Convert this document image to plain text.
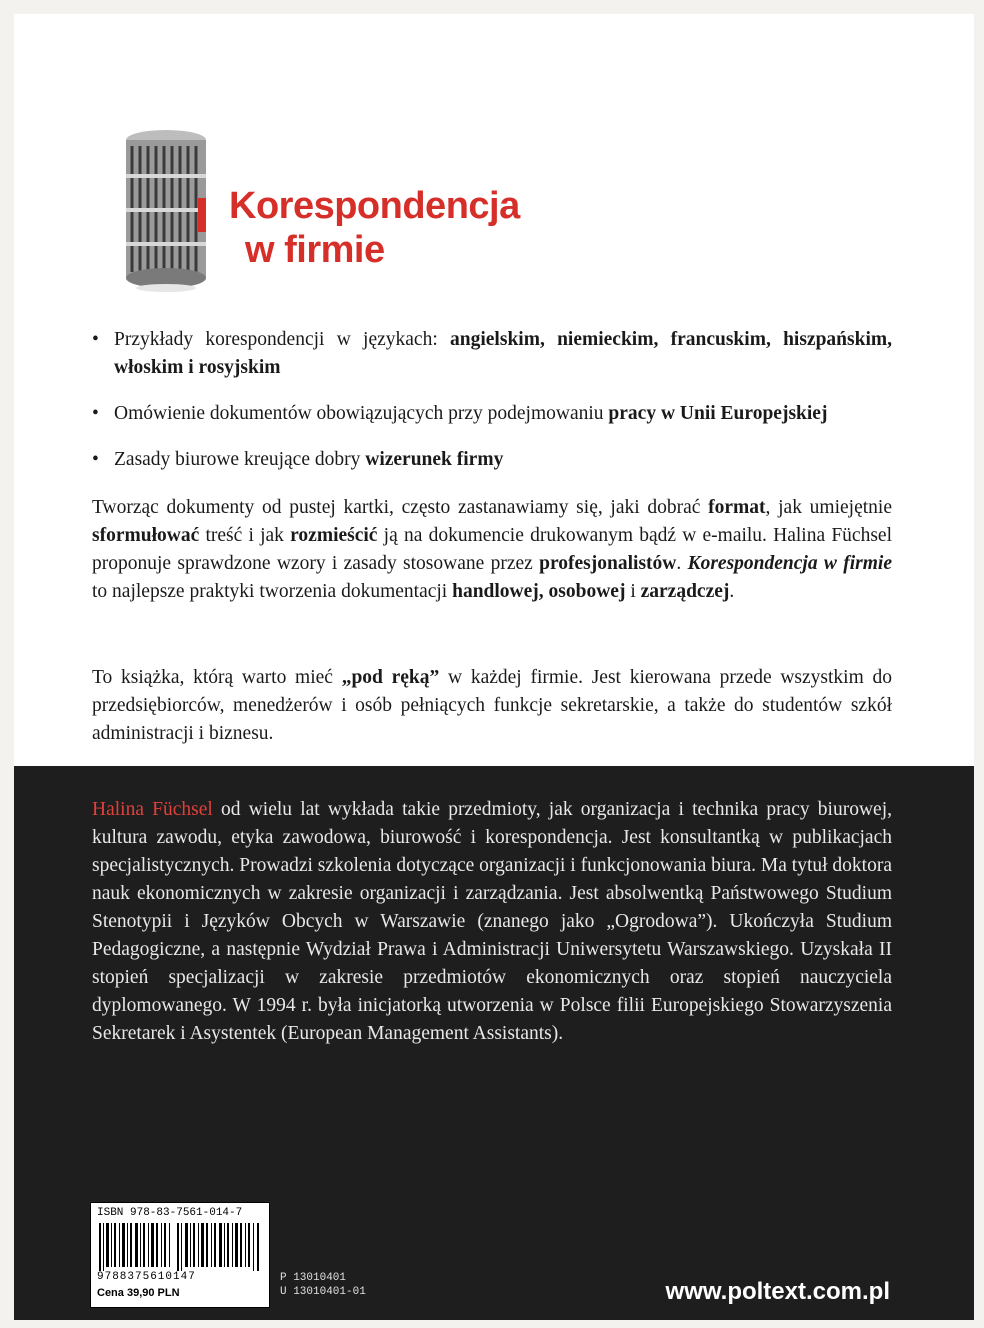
Korespondencja
w firmie
• Przykłady korespondencji w językach: angielskim, niemieckim, francuskim, hiszpańskim, włoskim i rosyjskim
• Omówienie dokumentów obowiązujących przy podejmowaniu pracy w Unii Europejskiej
• Zasady biurowe kreujące dobry wizerunek firmy
Tworząc dokumenty od pustej kartki, często zastanawiamy się, jaki dobrać format, jak umiejętnie sformułować treść i jak rozmieścić ją na dokumencie drukowanym bądź w e-mailu. Halina Füchsel proponuje sprawdzone wzory i zasady stosowane przez profesjonalistów. Korespondencja w firmie to najlepsze praktyki tworzenia dokumentacji handlowej, osobowej i zarządczej.
To książka, którą warto mieć „pod ręką” w każdej firmie. Jest kierowana przede wszystkim do przedsiębiorców, menedżerów i osób pełniących funkcje sekretarskie, a także do studentów szkół administracji i biznesu.
Halina Füchsel od wielu lat wykłada takie przedmioty, jak organizacja i technika pracy biurowej, kultura zawodu, etyka zawodowa, biurowość i korespondencja. Jest konsultantką w publikacjach specjalistycznych. Prowadzi szkolenia dotyczące organizacji i funkcjonowania biura. Ma tytuł doktora nauk ekonomicznych w zakresie organizacji i zarządzania. Jest absolwentką Państwowego Studium Stenotypii i Języków Obcych w Warszawie (znanego jako „Ogrodowa”). Ukończyła Studium Pedagogiczne, a następnie Wydział Prawa i Administracji Uniwersytetu Warszawskiego. Uzyskała II stopień specjalizacji w zakresie przedmiotów ekonomicznych oraz stopień nauczyciela dyplomowanego. W 1994 r. była inicjatorką utworzenia w Polsce filii Europejskiego Stowarzyszenia Sekretarek i Asystentek (European Management Assistants).
ISBN 978-83-7561-014-7
9788375610147
Cena 39,90 PLN
P 13010401
U 13010401-01	www.poltext.com.pl
